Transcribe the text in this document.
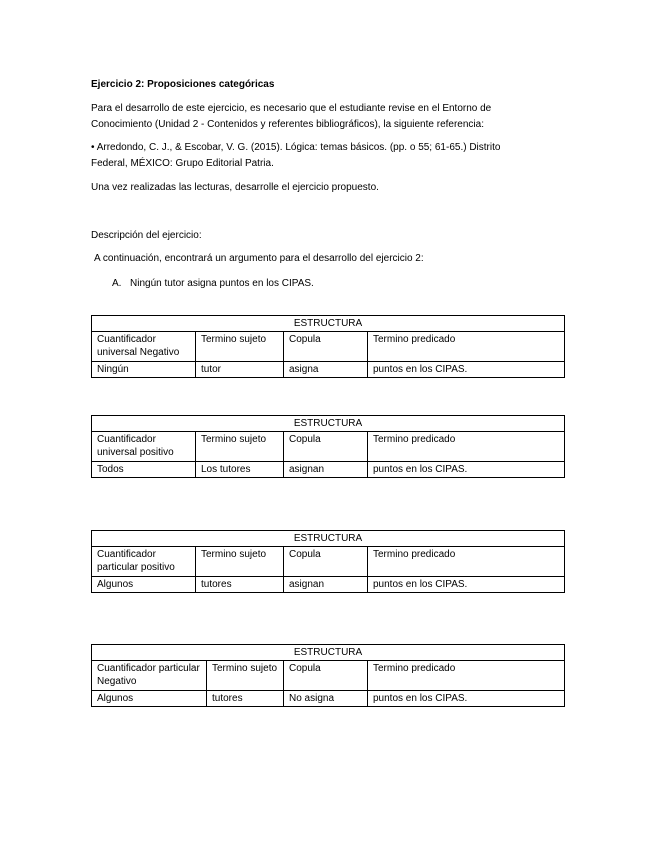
Ejercicio 2: Proposiciones categóricas

Para el desarrollo de este ejercicio, es necesario que el estudiante revise en el Entorno de

Conocimiento (Unidad 2 - Contenidos y referentes bibliográficos), la siguiente referencia:

• Arredondo, C. J., & Escobar, V. G. (2015). Lógica: temas básicos. (pp. o 55; 61-65.) Distrito

Federal, MÉXICO: Grupo Editorial Patria.

Una vez realizadas las lecturas, desarrolle el ejercicio propuesto.

Descripción del ejercicio:

A continuación, encontrará un argumento para el desarrollo del ejercicio 2:

A. Ningún tutor asigna puntos en los CIPAS.

ESTRUCTURA			
Cuantificador universal Negativo	Termino sujeto	Copula	Termino predicado
Ningún	tutor	asigna	puntos en los CIPAS.
ESTRUCTURA			
Cuantificador universal positivo	Termino sujeto	Copula	Termino predicado
Todos	Los tutores	asignan	puntos en los CIPAS.
ESTRUCTURA			
Cuantificador particular positivo	Termino sujeto	Copula	Termino predicado
Algunos	tutores	asignan	puntos en los CIPAS.
ESTRUCTURA			
Cuantificador particular Negativo	Termino sujeto	Copula	Termino predicado
Algunos	tutores	No asigna	puntos en los CIPAS.
